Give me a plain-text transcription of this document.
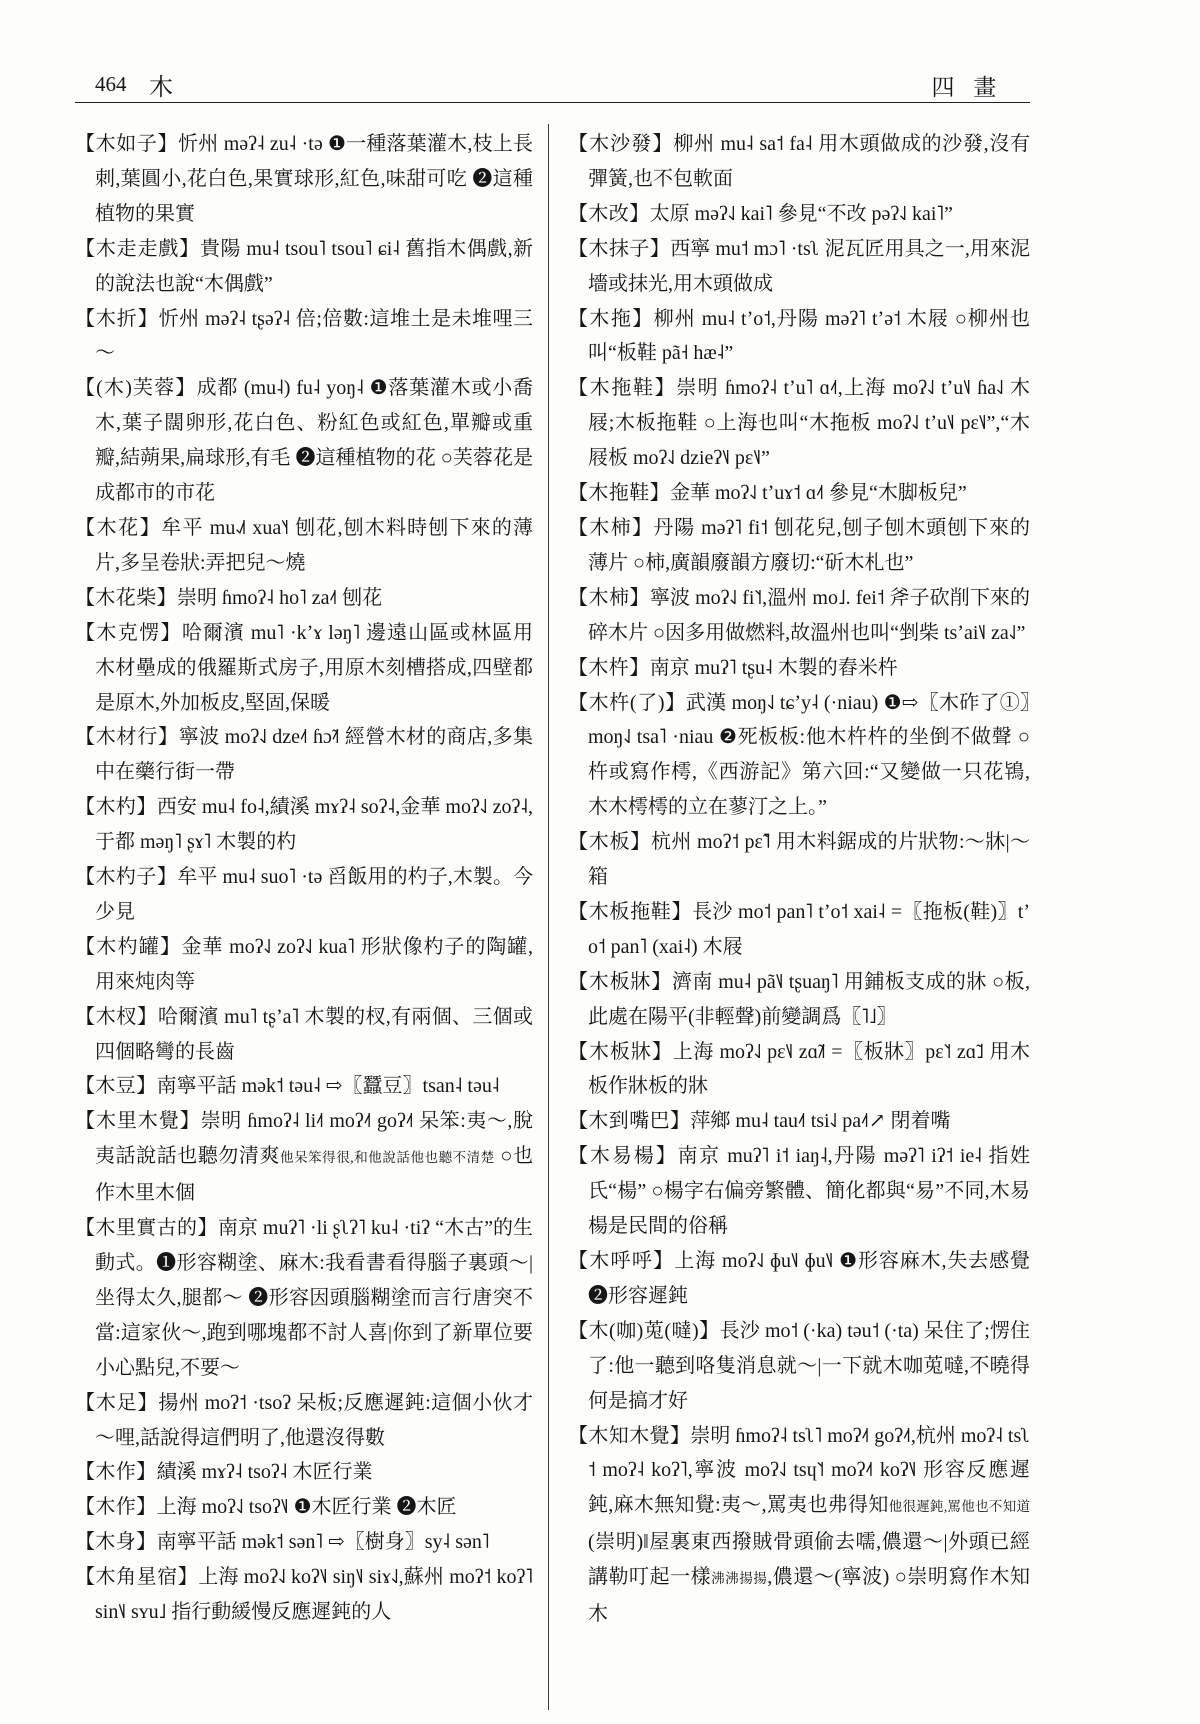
464 木	四 畫

【木如子】忻州 məʔ˨ zu˨ ·tə ❶一種落葉灌木,枝上長刺,葉圓小,花白色,果實球形,紅色,味甜可吃 ❷這種植物的果實

【木走走戲】貴陽 mu˨ tsou˥ tsou˥ ɕi˨ 舊指木偶戲,新的說法也說“木偶戲”

【木折】忻州 məʔ˨ tʂəʔ˨ 倍;倍數:這堆土是未堆哩三～

【(木)芙蓉】成都 (mu˨) fu˨ yoŋ˨ ❶落葉灌木或小喬木,葉子闊卵形,花白色、粉紅色或紅色,單瓣或重瓣,結蒴果,扁球形,有毛 ❷這種植物的花 ○芙蓉花是成都市的市花

【木花】牟平 mu˨˩˦ xua˥˧ 刨花,刨木料時刨下來的薄片,多呈卷狀:弄把兒～燒

【木花柴】崇明 ɦmoʔ˨ ho˥ za˨˦ 刨花

【木克愣】哈爾濱 mu˥ ·kʼɤ ləŋ˥ 邊遠山區或林區用木材壘成的俄羅斯式房子,用原木刻槽搭成,四壁都是原木,外加板皮,堅固,保暖

【木材行】寧波 moʔ˨˩ dze˨˦ ɦɔ̃˨˦ 經營木材的商店,多集中在藥行街一帶

【木杓】西安 mu˨ fo˨,績溪 mɤʔ˨ soʔ˨,金華 moʔ˨˩ zoʔ˨,于都 məŋ˥ ʂɤ˥ 木製的杓

【木杓子】牟平 mu˨ suo˥ ·tə 舀飯用的杓子,木製。今少見

【木杓罐】金華 moʔ˨˩ zoʔ˨˩ kua˥ 形狀像杓子的陶罐,用來炖肉等

【木杈】哈爾濱 mu˥ tʂʼa˥ 木製的杈,有兩個、三個或四個略彎的長齒

【木豆】南寧平話 mək˦ təu˨ ⇨〖蠶豆〗tsan˨ təu˨

【木里木覺】崇明 ɦmoʔ˨ li˨˦ moʔ˨˦ goʔ˨˦ 呆笨:夷～,脫夷話說話也聽勿清爽他呆笨得很,和他說話他也聽不清楚 ○也作木里木個

【木里實古的】南京 muʔ˥ ·li ʂʅʔ˥ ku˨ ·tiʔ “木古”的生動式。❶形容糊塗、麻木:我看書看得腦子裏頭～|坐得太久,腿都～ ❷形容因頭腦糊塗而言行唐突不當:這家伙～,跑到哪塊都不討人喜|你到了新單位要小心點兒,不要～

【木足】揚州 moʔ˦ ·tsoʔ 呆板;反應遲鈍:這個小伙才～哩,話說得這們明了,他還沒得數

【木作】績溪 mɤʔ˨ tsoʔ˨ 木匠行業

【木作】上海 moʔ˨˩ tsoʔ˥˩ ❶木匠行業 ❷木匠

【木身】南寧平話 mək˦ sən˥ ⇨〖樹身〗sy˨ sən˥

【木角星宿】上海 moʔ˨˩ koʔ˥˩ siŋ˥˩ siɤ˨˩,蘇州 moʔ˦ koʔ˥ sin˥˩ sʏu˩ 指行動緩慢反應遲鈍的人

【木沙發】柳州 mu˨ sa˦ fa˨ 用木頭做成的沙發,沒有彈簧,也不包軟面

【木改】太原 məʔ˨˩ kai˥ 參見“不改 pəʔ˨˩ kai˥”

【木抹子】西寧 mu˦ mɔ˥ ·tsʅ 泥瓦匠用具之一,用來泥墻或抹光,用木頭做成

【木拖】柳州 mu˨ tʼo˦,丹陽 məʔ˥ tʼə˦ 木屐 ○柳州也叫“板鞋 pã˧ hæ˨”

【木拖鞋】崇明 ɦmoʔ˨ tʼu˥ ɑ˨˦,上海 moʔ˨˩ tʼu˥˩ ɦa˨˩ 木屐;木板拖鞋 ○上海也叫“木拖板 moʔ˨˩ tʼu˥˩ pɛ˥˩”,“木屐板 moʔ˨˩ dzieʔ˥˩ pɛ˥˩”

【木拖鞋】金華 moʔ˨˩ tʼuɤ˦ ɑ˨˦ 參見“木脚板兒”

【木柿】丹陽 məʔ˥ fi˦ 刨花兒,刨子刨木頭刨下來的薄片 ○柿,廣韻廢韻方廢切:“斫木札也”

【木柿】寧波 moʔ˨˩ fi˥˦,溫州 mo˩. fei˦ 斧子砍削下來的碎木片 ○因多用做燃料,故溫州也叫“剉柴 tsʼai˥˩ za˨˩”

【木杵】南京 muʔ˥ tʂu˨ 木製的舂米杵

【木杵(了)】武漢 moŋ˨˩ tɕʼy˨ (·niau) ❶⇨〖木砟了①〗moŋ˨˩ tsa˥ ·niau ❷死板板:他木杵杵的坐倒不做聲 ○杵或寫作樗,《西游記》第六回:“又變做一只花鴇,木木樗樗的立在蓼汀之上。”

【木板】杭州 moʔ˦ pɛ̃˥ 用木料鋸成的片狀物:～牀|～箱

【木板拖鞋】長沙 mo˦ pan˥ tʼo˦ xai˨ =〖拖板(鞋)〗tʼo˦ pan˥ (xai˨) 木屐

【木板牀】濟南 mu˨ pã˥˩ tʂuaŋ˥ 用鋪板支成的牀 ○板,此處在陽平(非輕聲)前變調爲〖˥˩〗

【木板牀】上海 moʔ˨˩ pɛ˥˩ zɑ̃˩˦ =〖板牀〗pɛ˥˦ zɑ̃˩ 用木板作牀板的牀

【木到嘴巴】萍鄉 mu˨ tau˨˦ tsi˨˩ pa˨˦↗ 閉着嘴

【木易楊】南京 muʔ˥ i˦ iaŋ˨,丹陽 məʔ˥ iʔ˦ ie˨ 指姓氏“楊” ○楊字右偏旁繁體、簡化都與“易”不同,木易楊是民間的俗稱

【木呼呼】上海 moʔ˨˩ ɸu˥˩ ɸu˥˩ ❶形容麻木,失去感覺 ❷形容遲鈍

【木(咖)莵(噠)】長沙 mo˦ (·ka) təu˦ (·ta) 呆住了;愣住了:他一聽到咯隻消息就～|一下就木咖莵噠,不曉得何是搞才好

【木知木覺】崇明 ɦmoʔ˨ tsʅ˥ moʔ˨˦ goʔ˨˦,杭州 moʔ˨ tsʅ˦ moʔ˨ koʔ˥,寧波 moʔ˨˩ tsɥ˥˦ moʔ˨˦ koʔ˥˩ 形容反應遲鈍,麻木無知覺:夷～,罵夷也弗得知他很遲鈍,罵他也不知道(崇明)‖屋裏東西撥賊骨頭偷去嚅,儂還～|外頭已經講勒叮起一樣沸沸揚揚,儂還～(寧波) ○崇明寫作木知木
